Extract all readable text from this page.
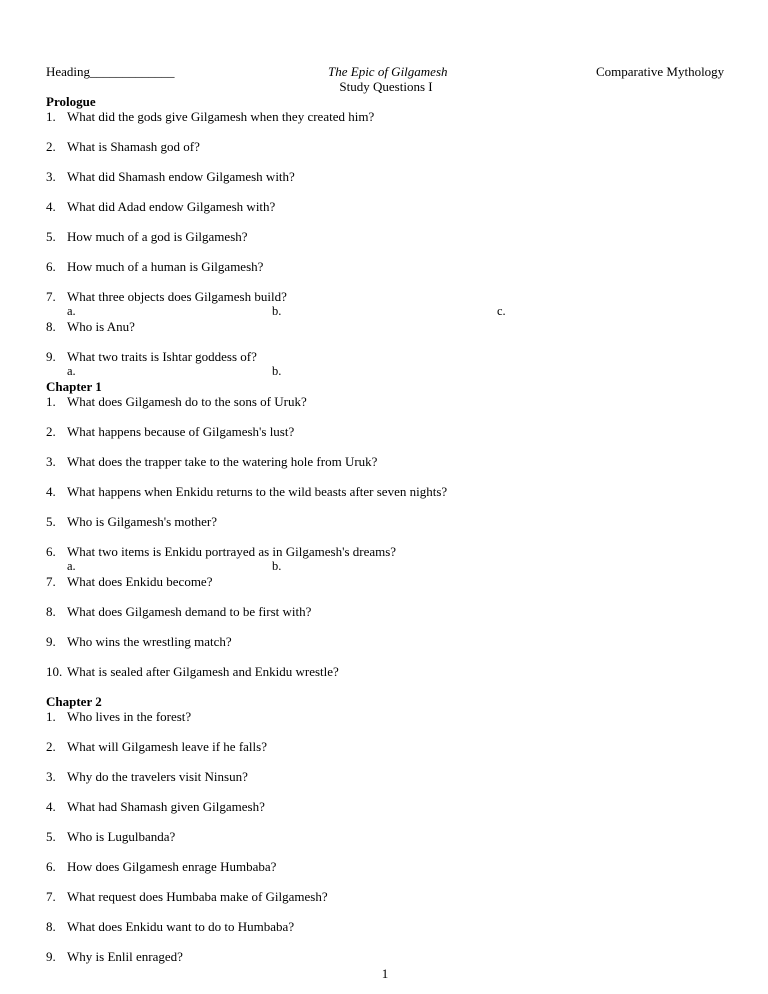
Heading_____________	The Epic of Gilgamesh
Study Questions I
Comparative Mythology
Prologue
1. What did the gods give Gilgamesh when they created him?
2. What is Shamash god of?
3. What did Shamash endow Gilgamesh with?
4. What did Adad endow Gilgamesh with?
5. How much of a god is Gilgamesh?
6. How much of a human is Gilgamesh?
7. What three objects does Gilgamesh build?
a.	b.	c.
8. Who is Anu?
9. What two traits is Ishtar goddess of?
a.	b.
Chapter 1
1. What does Gilgamesh do to the sons of Uruk?
2. What happens because of Gilgamesh's lust?
3. What does the trapper take to the watering hole from Uruk?
4. What happens when Enkidu returns to the wild beasts after seven nights?
5. Who is Gilgamesh's mother?
6. What two items is Enkidu portrayed as in Gilgamesh's dreams?
a.	b.
7. What does Enkidu become?
8. What does Gilgamesh demand to be first with?
9. Who wins the wrestling match?
10. What is sealed after Gilgamesh and Enkidu wrestle?
Chapter 2
1. Who lives in the forest?
2. What will Gilgamesh leave if he falls?
3. Why do the travelers visit Ninsun?
4. What had Shamash given Gilgamesh?
5. Who is Lugulbanda?
6. How does Gilgamesh enrage Humbaba?
7. What request does Humbaba make of Gilgamesh?
8. What does Enkidu want to do to Humbaba?
9. Why is Enlil enraged?
1
